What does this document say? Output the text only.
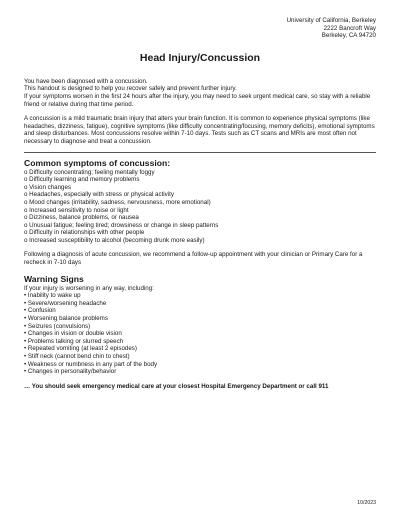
University of California, Berkeley
2222 Bancroft Way
Berkeley, CA 94720
Head Injury/Concussion

You have been diagnosed with a concussion.

This handout is designed to help you recover safely and prevent further injury.

If your symptoms worsen in the first 24 hours after the injury, you may need to seek urgent medical care, so stay with a reliable friend or relative during that time period.

A concussion is a mild traumatic brain injury that alters your brain function. It is common to experience physical symptoms (like headaches, dizziness, fatigue), cognitive symptoms (like difficulty concentrating/focusing, memory deficits), emotional symptoms and sleep disturbances. Most concussions resolve within 7-10 days. Tests such as CT scans and MRIs are most often not necessary to diagnose and treat a concussion.

Common symptoms of concussion:
o Difficulty concentrating; feeling mentally foggy
o Difficulty learning and memory problems
o Vision changes
o Headaches, especially with stress or physical activity
o Mood changes (irritability, sadness, nervousness, more emotional)
o Increased sensitivity to noise or light
o Dizziness, balance problems, or nausea
o Unusual fatigue; feeling tired; drowsiness or change in sleep patterns
o Difficulty in relationships with other people
o Increased susceptibility to alcohol (becoming drunk more easily)

Following a diagnosis of acute concussion, we recommend a follow-up appointment with your clinician or Primary Care for a recheck in 7-10 days

Warning Signs

If your injury is worsening in any way, including:

• Inability to wake up
• Severe/worsening headache
• Confusion
• Worsening balance problems
• Seizures (convulsions)
• Changes in vision or double vision
• Problems talking or slurred speech
• Repeated vomiting (at least 2 episodes)
• Stiff neck (cannot bend chin to chest)
• Weakness or numbness in any part of the body
• Changes in personality/behavior
… You should seek emergency medical care at your closest Hospital Emergency Department or call 911
10/2023
